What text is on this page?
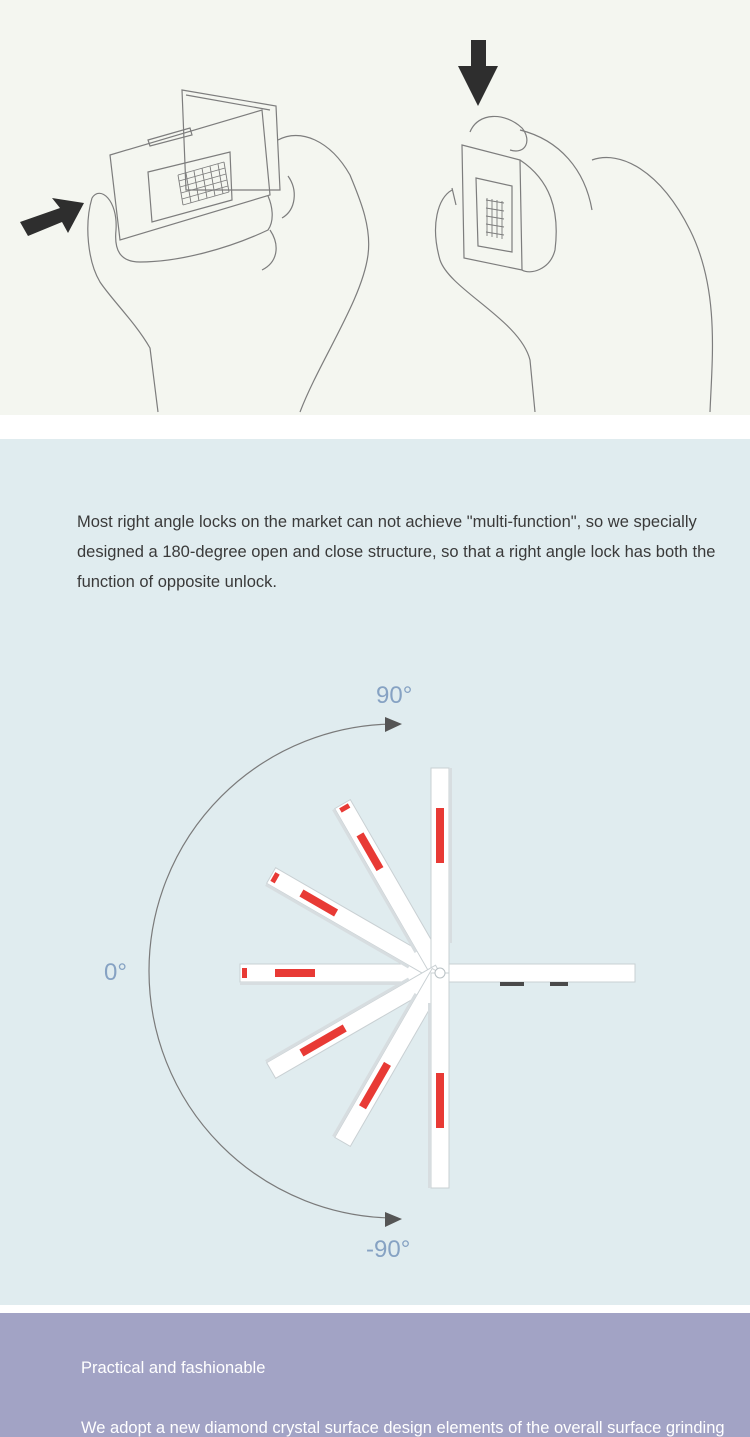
Most right angle locks on the market can not achieve "multi-function", so we specially designed a 180-degree open and close structure, so that a right angle lock has both the function of opposite unlock.

90°
0°
-90°
Practical and fashionable

We adopt a new diamond crystal surface design elements of the overall surface grinding
